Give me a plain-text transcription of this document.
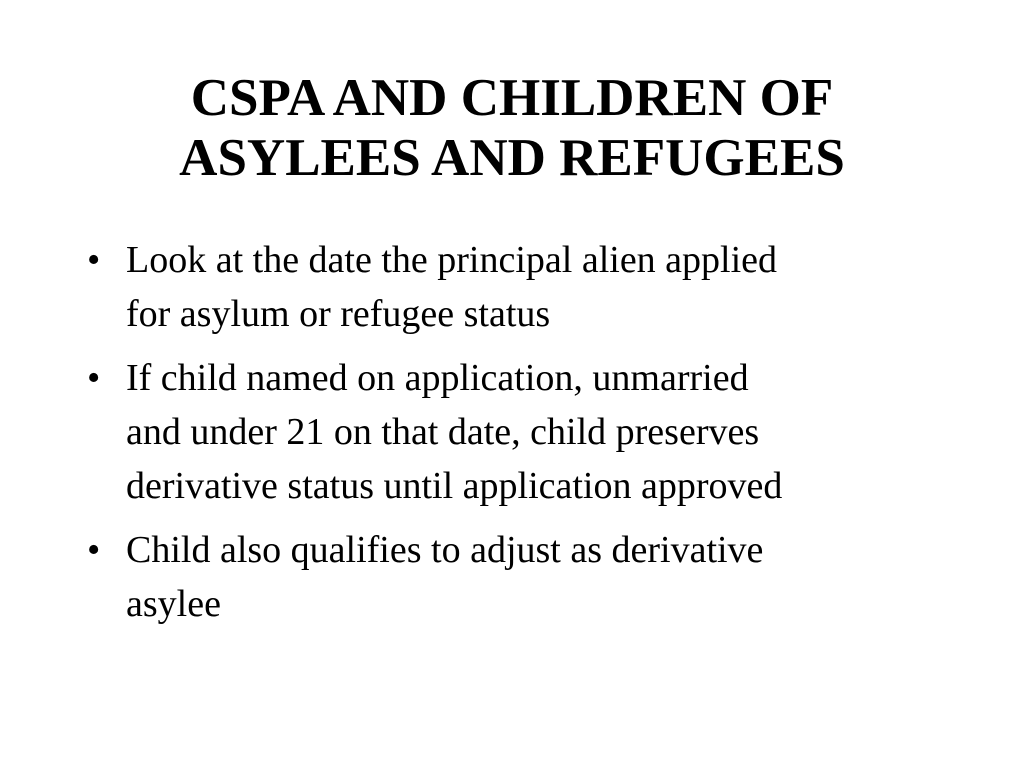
CSPA AND CHILDREN OF
ASYLEES AND REFUGEES
• Look at the date the principal alien applied
for asylum or refugee status
• If child named on application, unmarried
and under 21 on that date, child preserves
derivative status until application approved
• Child also qualifies to adjust as derivative
asylee
